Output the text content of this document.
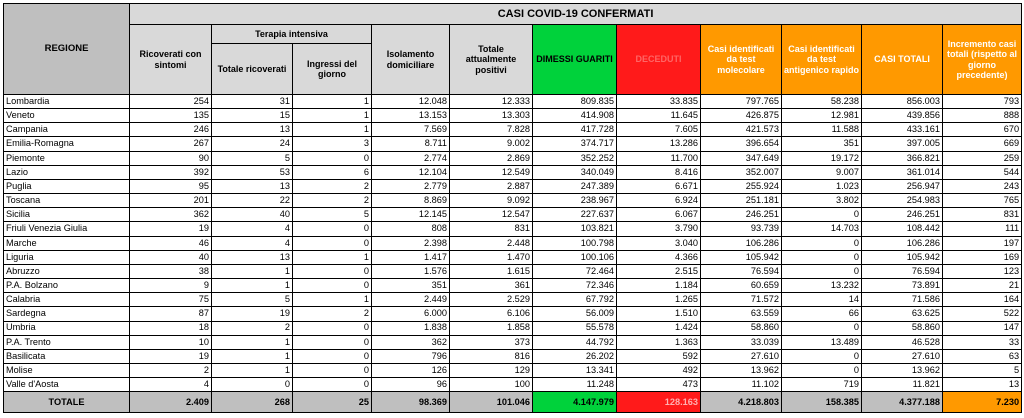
REGIONE	CASI COVID-19 CONFERMATI										
	Ricoverati con sintomi	Terapia intensiva		Isolamento domiciliare	Totale attualmente positivi	DIMESSI GUARITI	DECEDUTI	Casi identificati da test molecolare	Casi identificati da test antigenico rapido	CASI TOTALI	Incremento casi totali (rispetto al giorno precedente)
		Totale ricoverati	Ingressi del giorno								
Lombardia	254	31	1	12.048	12.333	809.835	33.835	797.765	58.238	856.003	793
Veneto	135	15	1	13.153	13.303	414.908	11.645	426.875	12.981	439.856	888
Campania	246	13	1	7.569	7.828	417.728	7.605	421.573	11.588	433.161	670
Emilia-Romagna	267	24	3	8.711	9.002	374.717	13.286	396.654	351	397.005	669
Piemonte	90	5	0	2.774	2.869	352.252	11.700	347.649	19.172	366.821	259
Lazio	392	53	6	12.104	12.549	340.049	8.416	352.007	9.007	361.014	544
Puglia	95	13	2	2.779	2.887	247.389	6.671	255.924	1.023	256.947	243
Toscana	201	22	2	8.869	9.092	238.967	6.924	251.181	3.802	254.983	765
Sicilia	362	40	5	12.145	12.547	227.637	6.067	246.251	0	246.251	831
Friuli Venezia Giulia	19	4	0	808	831	103.821	3.790	93.739	14.703	108.442	111
Marche	46	4	0	2.398	2.448	100.798	3.040	106.286	0	106.286	197
Liguria	40	13	1	1.417	1.470	100.106	4.366	105.942	0	105.942	169
Abruzzo	38	1	0	1.576	1.615	72.464	2.515	76.594	0	76.594	123
P.A. Bolzano	9	1	0	351	361	72.346	1.184	60.659	13.232	73.891	21
Calabria	75	5	1	2.449	2.529	67.792	1.265	71.572	14	71.586	164
Sardegna	87	19	2	6.000	6.106	56.009	1.510	63.559	66	63.625	522
Umbria	18	2	0	1.838	1.858	55.578	1.424	58.860	0	58.860	147
P.A. Trento	10	1	0	362	373	44.792	1.363	33.039	13.489	46.528	33
Basilicata	19	1	0	796	816	26.202	592	27.610	0	27.610	63
Molise	2	1	0	126	129	13.341	492	13.962	0	13.962	5
Valle d'Aosta	4	0	0	96	100	11.248	473	11.102	719	11.821	13
TOTALE	2.409	268	25	98.369	101.046	4.147.979	128.163	4.218.803	158.385	4.377.188	7.230
